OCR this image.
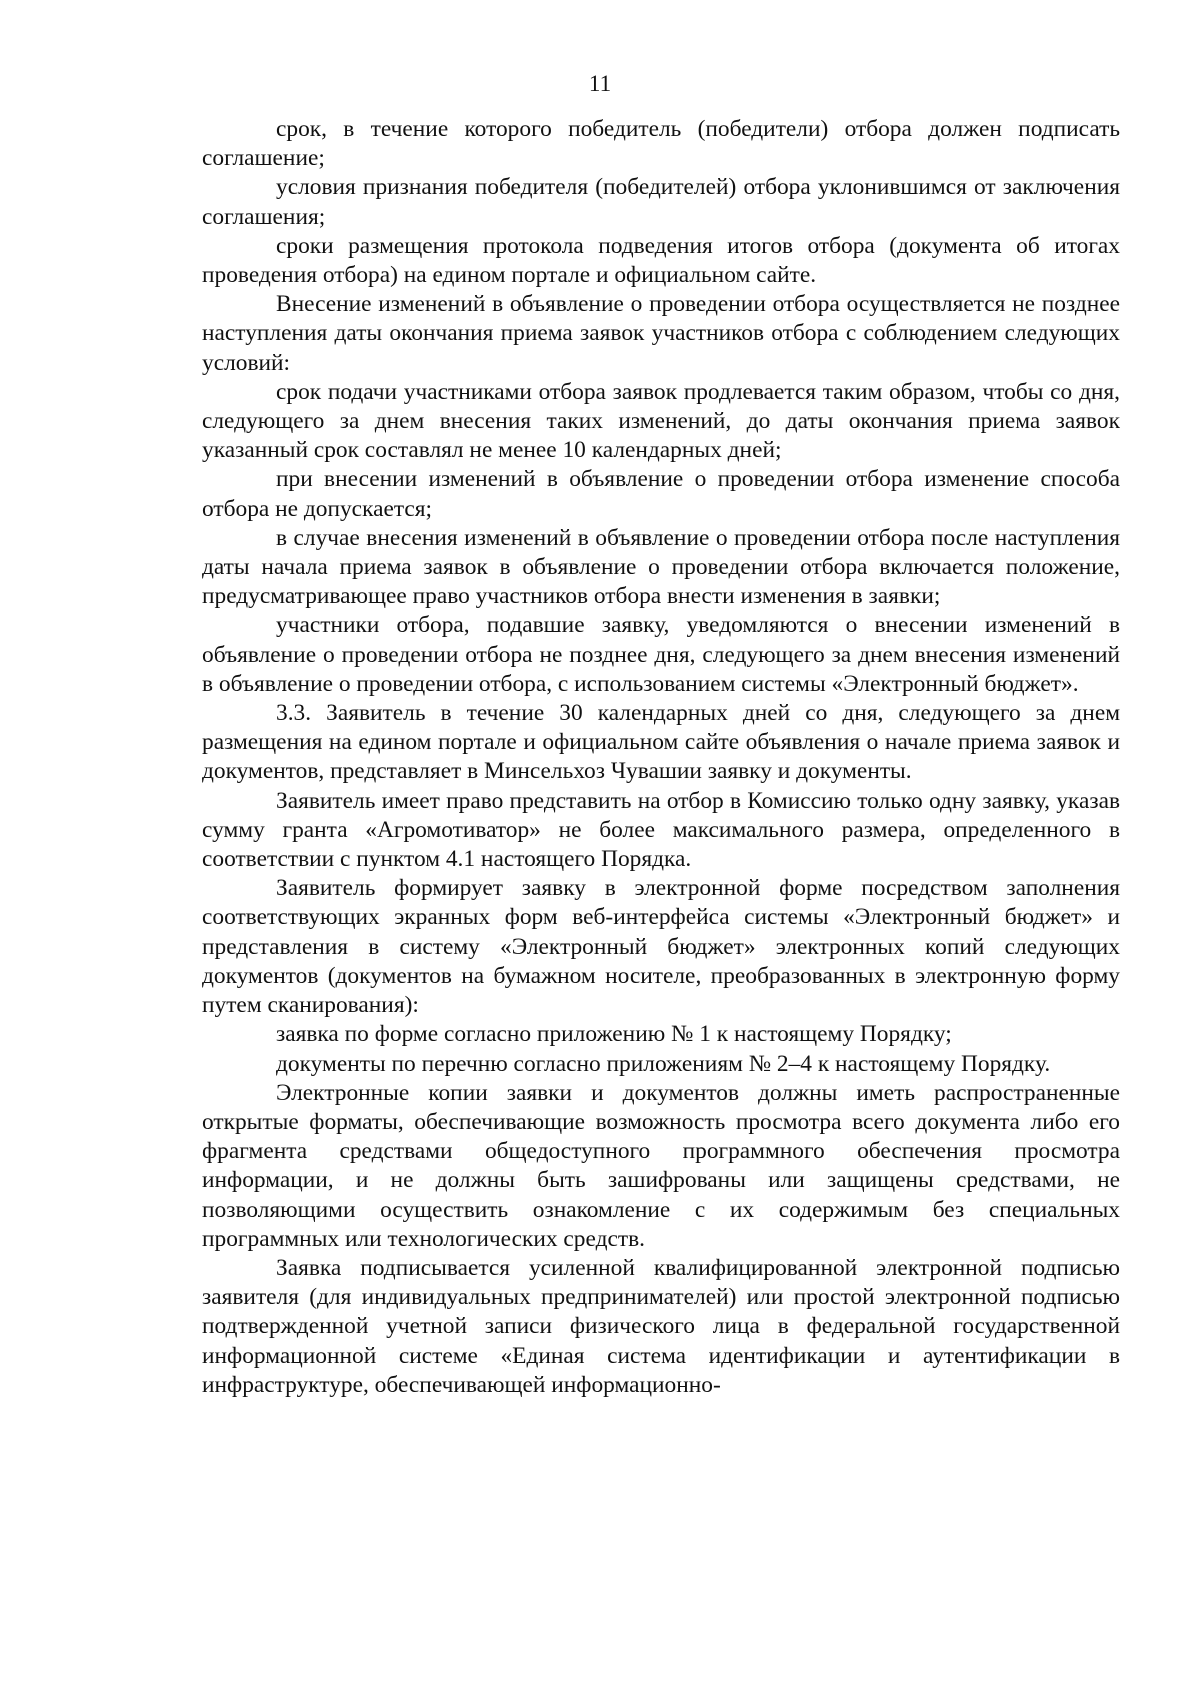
11

срок, в течение которого победитель (победители) отбора должен подписать соглашение;

условия признания победителя (победителей) отбора уклонившимся от заключения соглашения;

сроки размещения протокола подведения итогов отбора (документа об итогах проведения отбора) на едином портале и официальном сайте.

Внесение изменений в объявление о проведении отбора осуществляется не позднее наступления даты окончания приема заявок участников отбора с соблюдением следующих условий:

срок подачи участниками отбора заявок продлевается таким образом, чтобы со дня, следующего за днем внесения таких изменений, до даты окончания приема заявок указанный срок составлял не менее 10 календарных дней;

при внесении изменений в объявление о проведении отбора изменение способа отбора не допускается;

в случае внесения изменений в объявление о проведении отбора после наступления даты начала приема заявок в объявление о проведении отбора включается положение, предусматривающее право участников отбора внести изменения в заявки;

участники отбора, подавшие заявку, уведомляются о внесении изменений в объявление о проведении отбора не позднее дня, следующего за днем внесения изменений в объявление о проведении отбора, с использованием системы «Электронный бюджет».

3.3. Заявитель в течение 30 календарных дней со дня, следующего за днем размещения на едином портале и официальном сайте объявления о начале приема заявок и документов, представляет в Минсельхоз Чувашии заявку и документы.

Заявитель имеет право представить на отбор в Комиссию только одну заявку, указав сумму гранта «Агромотиватор» не более максимального размера, определенного в соответствии с пунктом 4.1 настоящего Порядка.

Заявитель формирует заявку в электронной форме посредством заполнения соответствующих экранных форм веб-интерфейса системы «Электронный бюджет» и представления в систему «Электронный бюджет» электронных копий следующих документов (документов на бумажном носителе, преобразованных в электронную форму путем сканирования):

заявка по форме согласно приложению № 1 к настоящему Порядку;

документы по перечню согласно приложениям № 2–4 к настоящему Порядку.

Электронные копии заявки и документов должны иметь распространенные открытые форматы, обеспечивающие возможность просмотра всего документа либо его фрагмента средствами общедоступного программного обеспечения просмотра информации, и не должны быть зашифрованы или защищены средствами, не позволяющими осуществить ознакомление с их содержимым без специальных программных или технологических средств.

Заявка подписывается усиленной квалифицированной электронной подписью заявителя (для индивидуальных предпринимателей) или простой электронной подписью подтвержденной учетной записи физического лица в федеральной государственной информационной системе «Единая система идентификации и аутентификации в инфраструктуре, обеспечивающей информационно-
